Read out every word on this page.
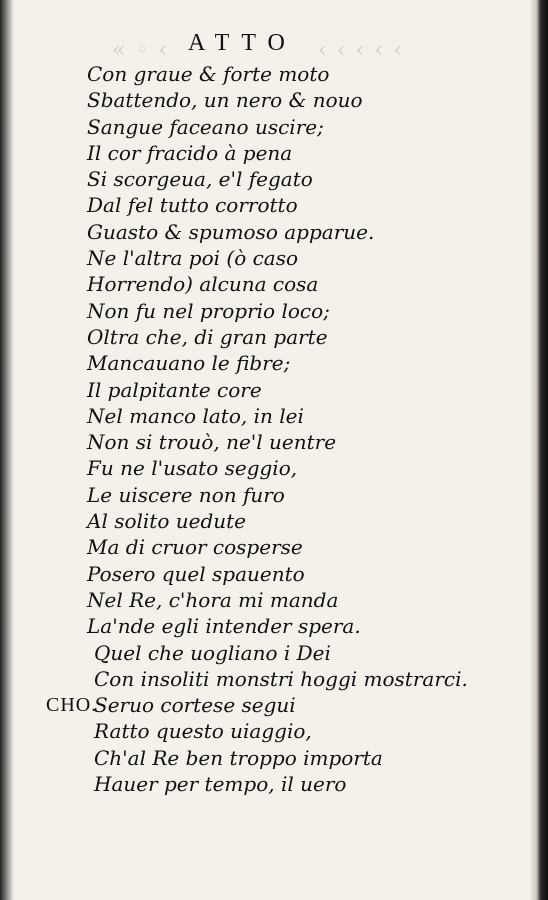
«◦‹	‹‹‹‹‹
ATTO
Con graue & forte moto
Sbattendo, un nero & nouo
Sangue faceano uscire;
Il cor fracido à pena
Si scorgeua, e'l fegato
Dal fel tutto corrotto
Guasto & spumoso apparue.
Ne l'altra poi (ò caso
Horrendo) alcuna cosa
Non fu nel proprio loco;
Oltra che, di gran parte
Mancauano le fibre;
Il palpitante core
Nel manco lato, in lei
Non si trouò, ne'l uentre
Fu ne l'usato seggio,
Le uiscere non furo
Al solito uedute
Ma di cruor cosperse
Posero quel spauento
Nel Re, c'hora mi manda
La'nde egli intender spera.
Quel che uogliano i Dei
Con insoliti monstri hoggi mostrarci.
CHO.
Seruo cortese segui
Ratto questo uiaggio,
Ch'al Re ben troppo importa
Hauer per tempo, il uero
